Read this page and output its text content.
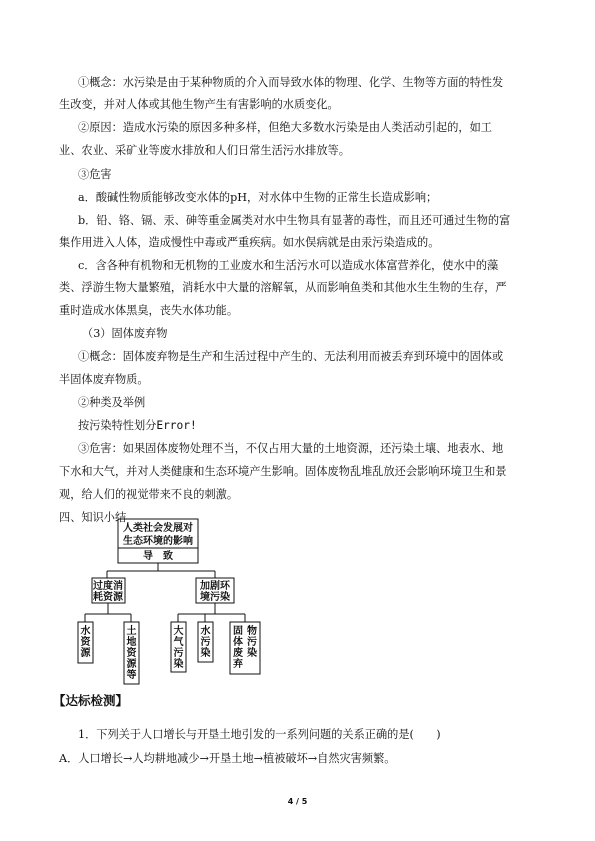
①概念：水污染是由于某种物质的介入而导致水体的物理、化学、生物等方面的特性发
生改变，并对人体或其他生物产生有害影响的水质变化。
②原因：造成水污染的原因多种多样，但绝大多数水污染是由人类活动引起的，如工
业、农业、采矿业等废水排放和人们日常生活污水排放等。
③危害
a．酸碱性物质能够改变水体的pH，对水体中生物的正常生长造成影响；
b．铅、铬、镉、汞、砷等重金属类对水中生物具有显著的毒性，而且还可通过生物的富
集作用进入人体，造成慢性中毒或严重疾病。如水俣病就是由汞污染造成的。
c．含各种有机物和无机物的工业废水和生活污水可以造成水体富营养化，使水中的藻
类、浮游生物大量繁殖，消耗水中大量的溶解氧，从而影响鱼类和其他水生生物的生存，严
重时造成水体黑臭，丧失水体功能。
（3）固体废弃物
①概念：固体废弃物是生产和生活过程中产生的、无法利用而被丢弃到环境中的固体或
半固体废弃物质。
②种类及举例
按污染特性划分Error!
③危害：如果固体废物处理不当，不仅占用大量的土地资源，还污染土壤、地表水、地
下水和大气，并对人类健康和生态环境产生影响。固体废物乱堆乱放还会影响环境卫生和景
观，给人们的视觉带来不良的刺激。
四、知识小结
人类社会发展对
生态环境的影响
导　致
过度消
耗资源
加剧环
境污染
水资源
土地资源等
大气污染
水污染
固体废弃
物污染
【达标检测】
1．下列关于人口增长与开垦土地引发的一系列问题的关系正确的是(　　)
A．人口增长→人均耕地减少→开垦土地→植被破坏→自然灾害频繁。
4 / 5
